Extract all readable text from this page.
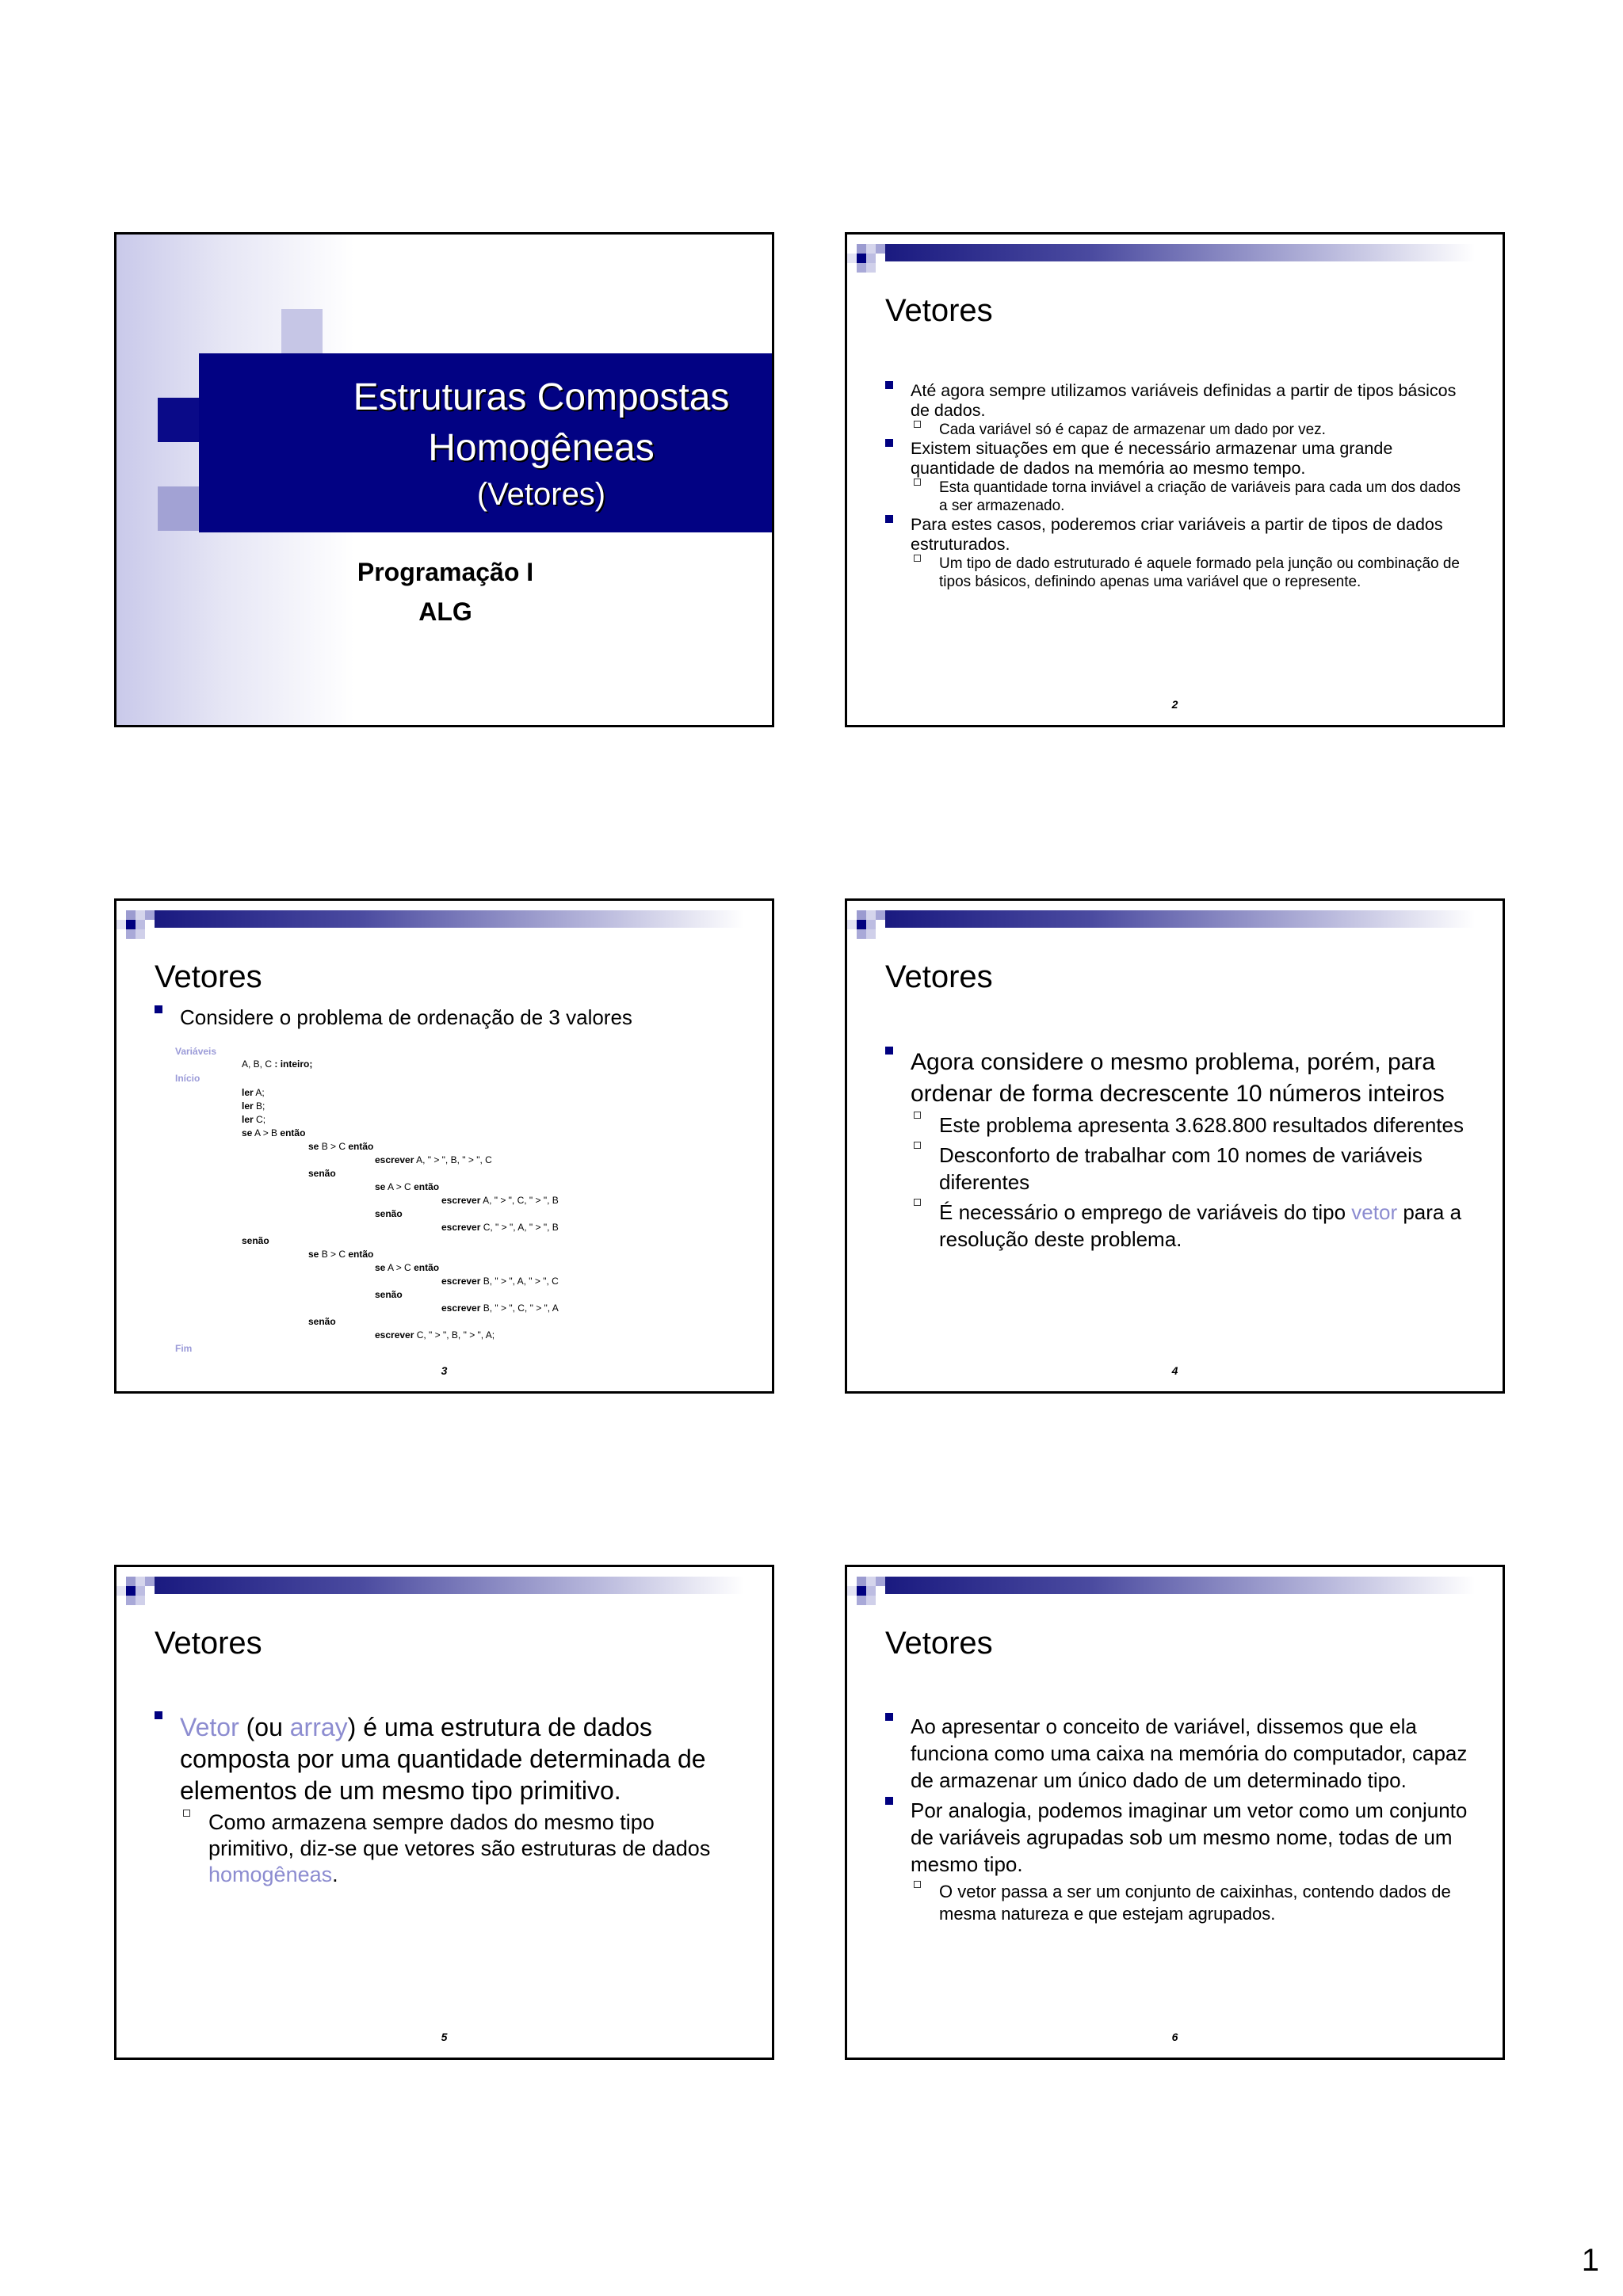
Estruturas Compostas
Homogêneas
(Vetores)
Programação I
ALG
Vetores
Até agora sempre utilizamos variáveis definidas a partir de tipos básicos de dados.
Cada variável só é capaz de armazenar um dado por vez.
Existem situações em que é necessário armazenar uma grande quantidade de dados na memória ao mesmo tempo.
Esta quantidade torna inviável a criação de variáveis para cada um dos dados a ser armazenado.
Para estes casos, poderemos criar variáveis a partir de tipos de dados estruturados.
Um tipo de dado estruturado é aquele formado pela junção ou combinação de tipos básicos, definindo apenas uma variável que o represente.
2
Vetores
Considere o problema de ordenação de 3 valores
Variáveis
A, B, C : inteiro;
Início
ler A;
ler B;
ler C;
se A > B então
se B > C então
escrever A, " > ", B, " > ", C
senão
se A > C então
escrever A, " > ", C, " > ", B
senão
escrever C, " > ", A, " > ", B
senão
se B > C então
se A > C então
escrever B, " > ", A, " > ", C
senão
escrever B, " > ", C, " > ", A
senão
escrever C, " > ", B, " > ", A;
Fim
3
Vetores
Agora considere o mesmo problema, porém, para ordenar de forma decrescente 10 números inteiros
Este problema apresenta 3.628.800 resultados diferentes
Desconforto de trabalhar com 10 nomes de variáveis diferentes
É necessário o emprego de variáveis do tipo vetor para a resolução deste problema.
4
Vetores
Vetor (ou array) é uma estrutura de dados composta por uma quantidade determinada de elementos de um mesmo tipo primitivo.
Como armazena sempre dados do mesmo tipo primitivo, diz-se que vetores são estruturas de dados homogêneas.
5
Vetores
Ao apresentar o conceito de variável, dissemos que ela funciona como uma caixa na memória do computador, capaz de armazenar um único dado de um determinado tipo.
Por analogia, podemos imaginar um vetor como um conjunto de variáveis agrupadas sob um mesmo nome, todas de um mesmo tipo.
O vetor passa a ser um conjunto de caixinhas, contendo dados de mesma natureza e que estejam agrupados.
6
1
